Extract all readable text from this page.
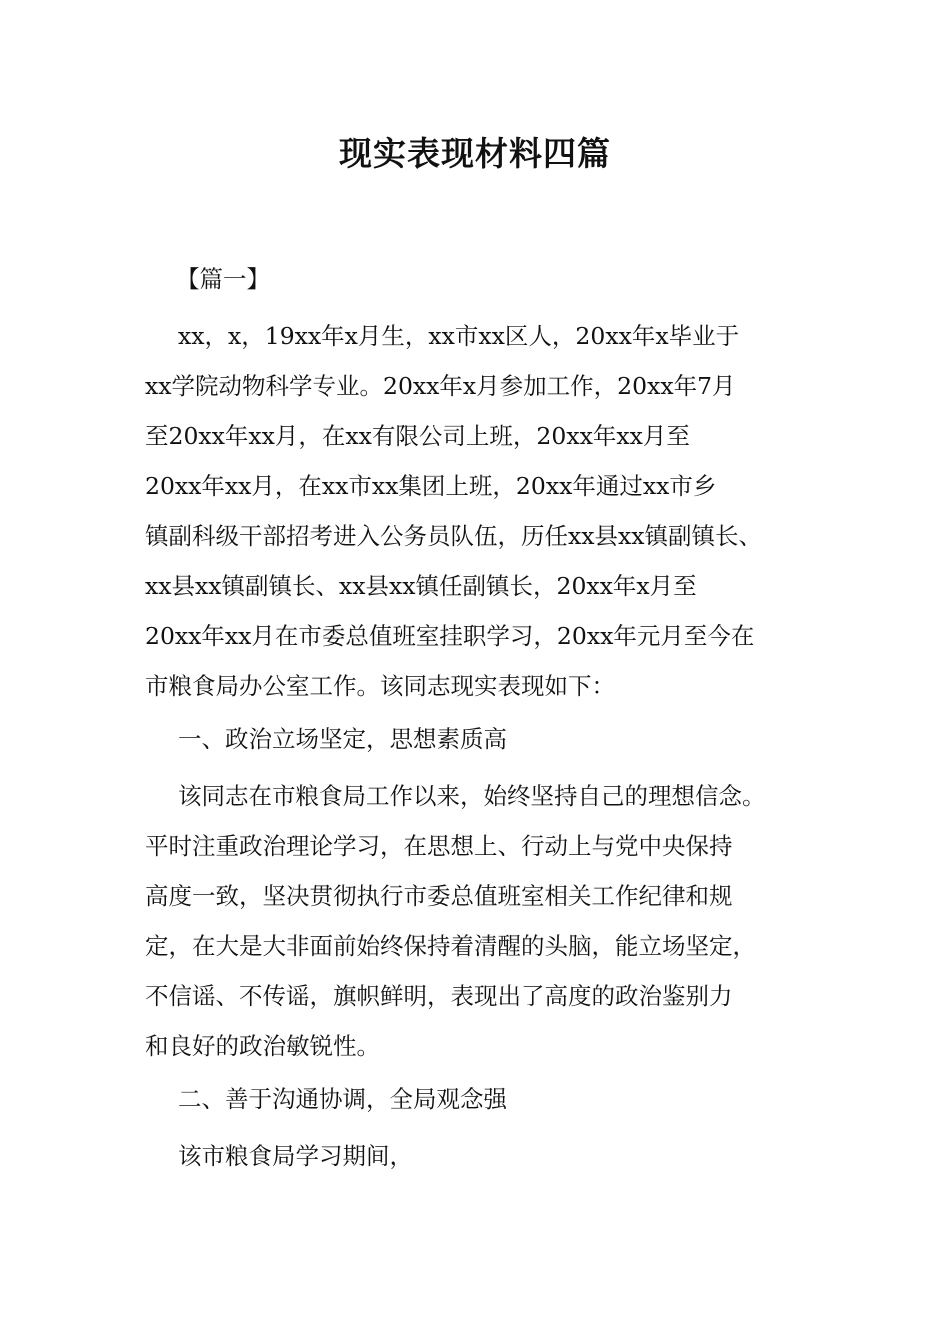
现实表现材料四篇

【篇一】

xx，x，19xx年x月生，xx市xx区人，20xx年x毕业于

xx学院动物科学专业。20xx年x月参加工作，20xx年7月

至20xx年xx月，在xx有限公司上班，20xx年xx月至

20xx年xx月，在xx市xx集团上班，20xx年通过xx市乡

镇副科级干部招考进入公务员队伍，历任xx县xx镇副镇长、

xx县xx镇副镇长、xx县xx镇任副镇长，20xx年x月至

20xx年xx月在市委总值班室挂职学习，20xx年元月至今在

市粮食局办公室工作。该同志现实表现如下：

一、政治立场坚定，思想素质高

该同志在市粮食局工作以来，始终坚持自己的理想信念。

平时注重政治理论学习，在思想上、行动上与党中央保持

高度一致，坚决贯彻执行市委总值班室相关工作纪律和规

定，在大是大非面前始终保持着清醒的头脑，能立场坚定，

不信谣、不传谣，旗帜鲜明，表现出了高度的政治鉴别力

和良好的政治敏锐性。

二、善于沟通协调，全局观念强

该市粮食局学习期间，
